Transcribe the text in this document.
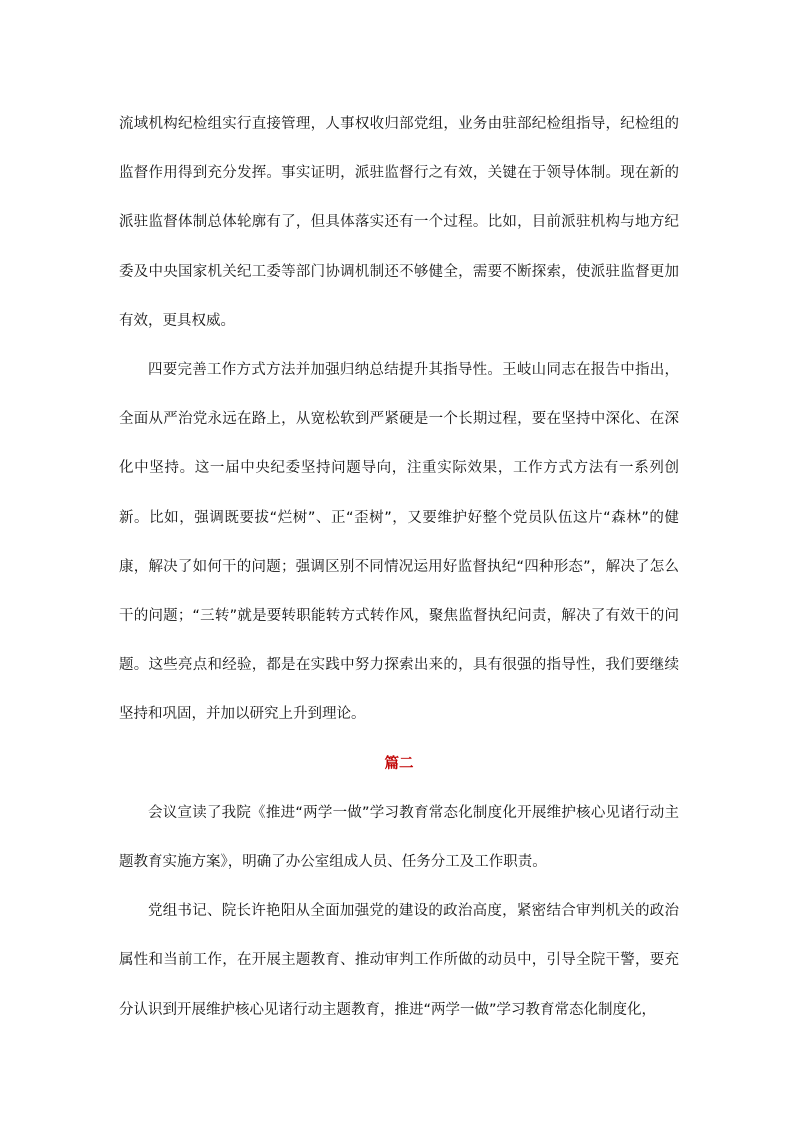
流域机构纪检组实行直接管理，人事权收归部党组，业务由驻部纪检组指导，纪检组的监督作用得到充分发挥。事实证明，派驻监督行之有效，关键在于领导体制。现在新的派驻监督体制总体轮廓有了，但具体落实还有一个过程。比如，目前派驻机构与地方纪委及中央国家机关纪工委等部门协调机制还不够健全，需要不断探索，使派驻监督更加有效，更具权威。

四要完善工作方式方法并加强归纳总结提升其指导性。王岐山同志在报告中指出，全面从严治党永远在路上，从宽松软到严紧硬是一个长期过程，要在坚持中深化、在深化中坚持。这一届中央纪委坚持问题导向，注重实际效果，工作方式方法有一系列创新。比如，强调既要拔“烂树”、正“歪树”，又要维护好整个党员队伍这片“森林”的健康，解决了如何干的问题；强调区别不同情况运用好监督执纪“四种形态”，解决了怎么干的问题；“三转”就是要转职能转方式转作风，聚焦监督执纪问责，解决了有效干的问题。这些亮点和经验，都是在实践中努力探索出来的，具有很强的指导性，我们要继续坚持和巩固，并加以研究上升到理论。

篇二

会议宣读了我院《推进“两学一做”学习教育常态化制度化开展维护核心见诸行动主题教育实施方案》，明确了办公室组成人员、任务分工及工作职责。

党组书记、院长许艳阳从全面加强党的建设的政治高度，紧密结合审判机关的政治属性和当前工作，在开展主题教育、推动审判工作所做的动员中，引导全院干警，要充分认识到开展维护核心见诸行动主题教育，推进“两学一做”学习教育常态化制度化，
